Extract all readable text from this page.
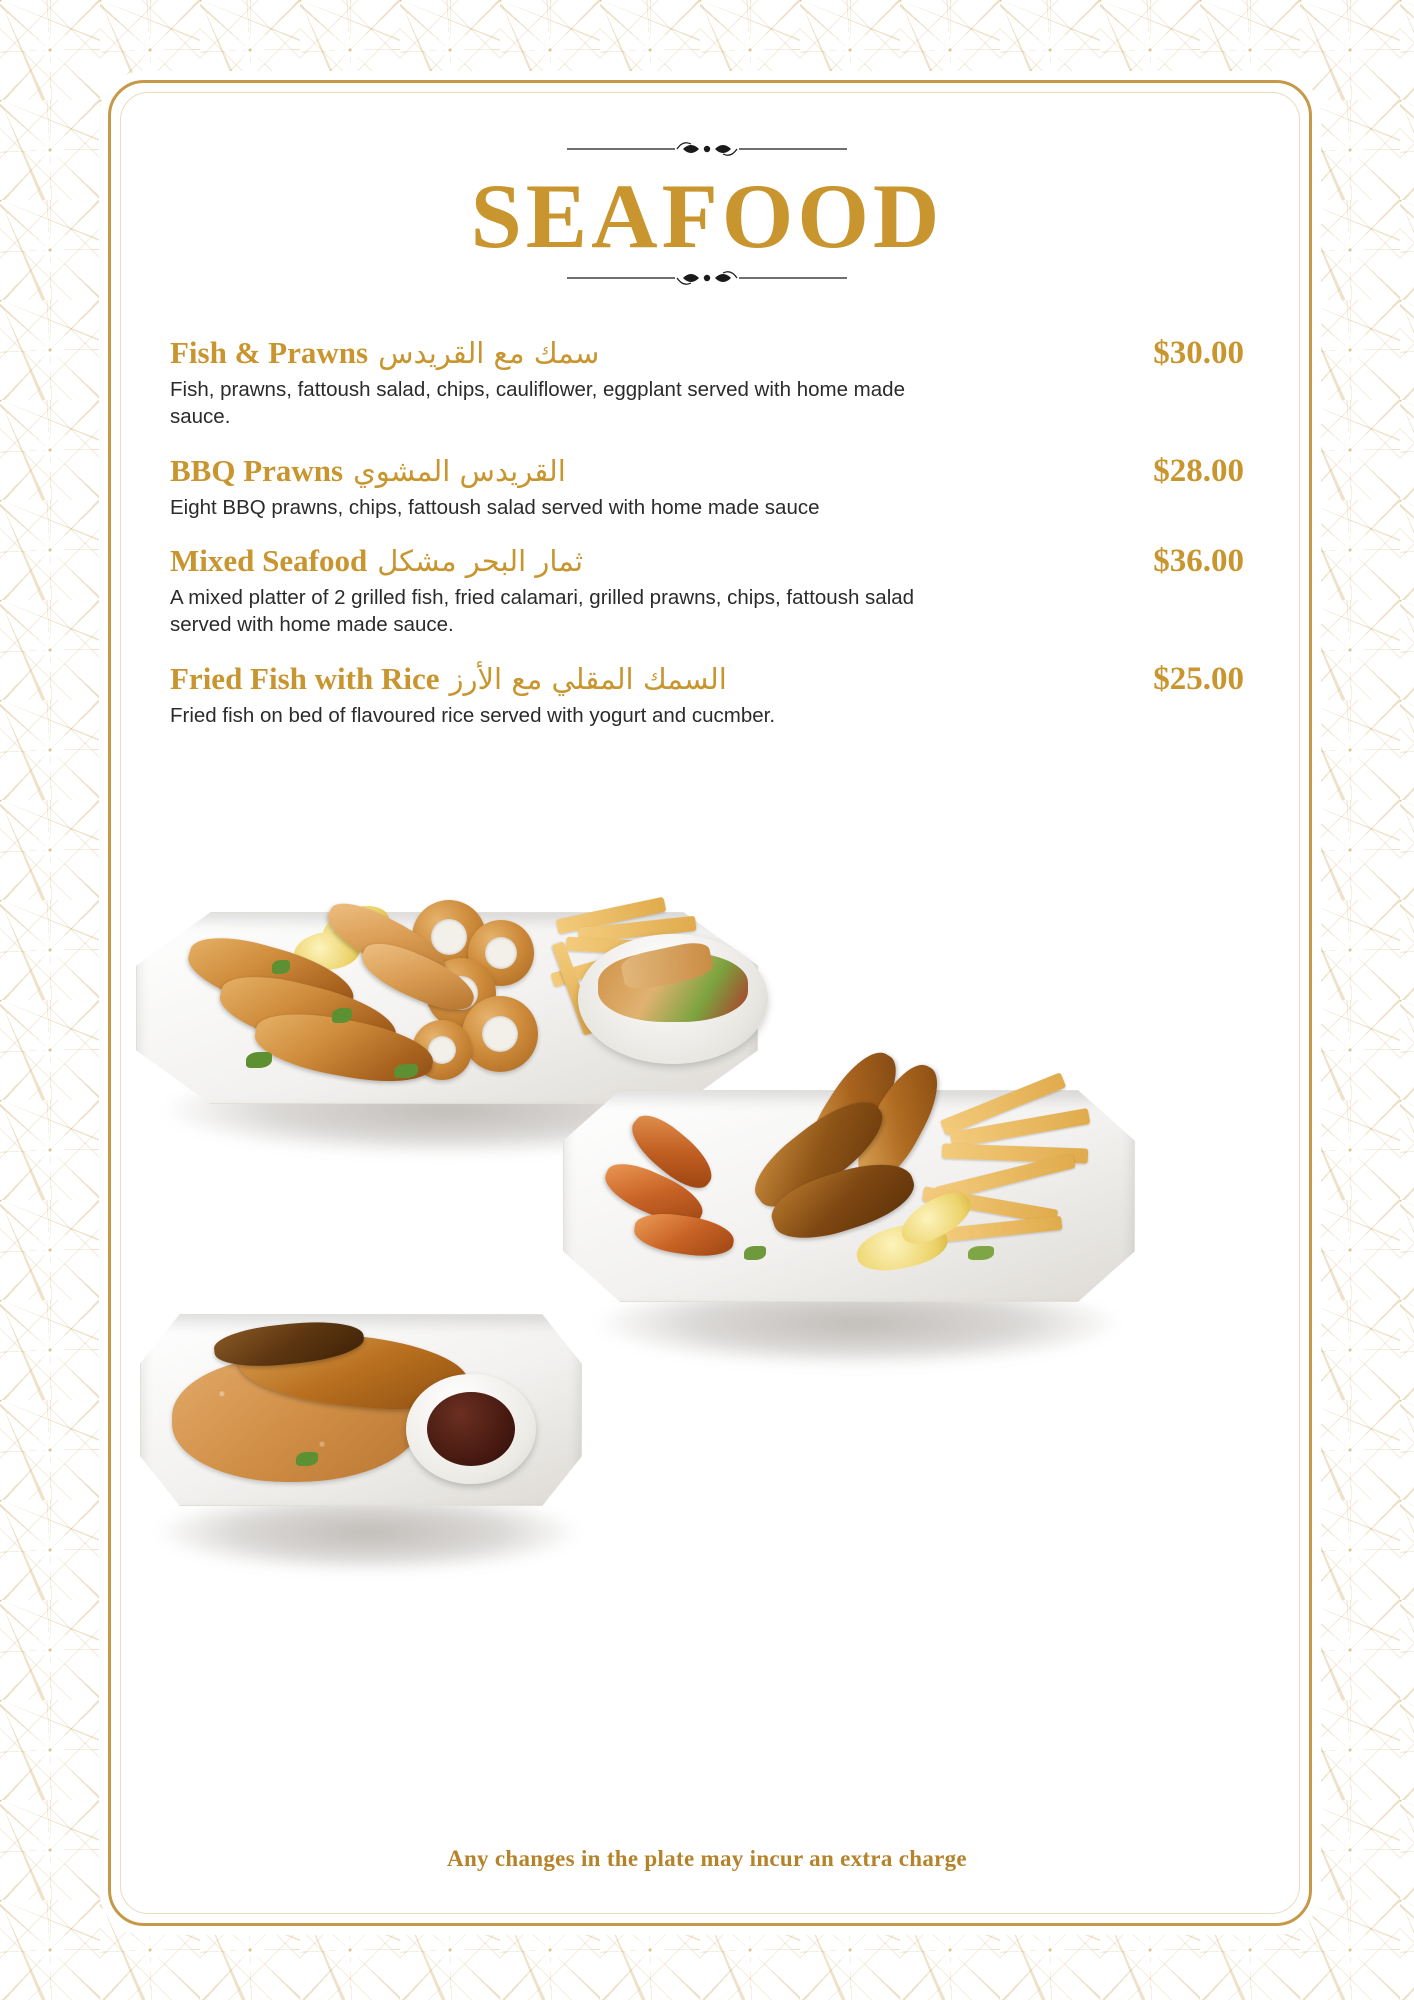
SEAFOOD
Fish & Prawns سمك مع القريدس	$30.00
Fish, prawns, fattoush salad, chips, cauliflower, eggplant served with home made sauce.
BBQ Prawns القريدس المشوي	$28.00
Eight BBQ prawns, chips, fattoush salad served with home made sauce
Mixed Seafood ثمار البحر مشكل	$36.00
A mixed platter of 2 grilled fish, fried calamari, grilled prawns, chips, fattoush salad served with home made sauce.
Fried Fish with Rice السمك المقلي مع الأرز	$25.00
Fried fish on bed of flavoured rice served with yogurt and cucmber.
Any changes in the plate may incur an extra charge
